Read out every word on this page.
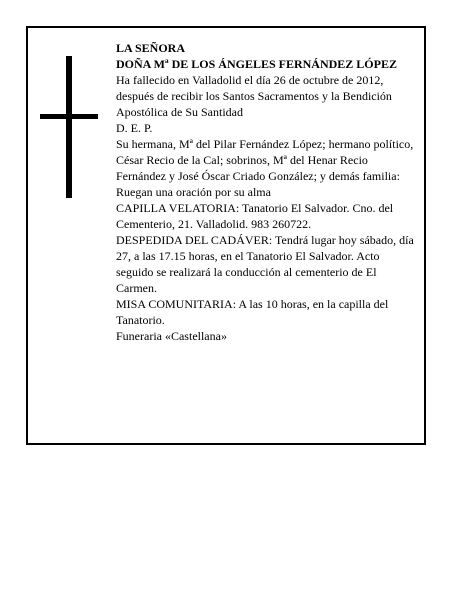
LA SEÑORA

DOÑA Mª DE LOS ÁNGELES FERNÁNDEZ LÓPEZ

Ha fallecido en Valladolid el día 26 de octubre de 2012, después de recibir los Santos Sacramentos y la Bendición Apostólica de Su Santidad

D. E. P.

Su hermana, Mª del Pilar Fernández López; hermano político, César Recio de la Cal; sobrinos, Mª del Henar Recio Fernández y José Óscar Criado González; y demás familia:

Ruegan una oración por su alma

CAPILLA VELATORIA: Tanatorio El Salvador. Cno. del Cementerio, 21. Valladolid. 983 260722.

DESPEDIDA DEL CADÁVER: Tendrá lugar hoy sábado, día 27, a las 17.15 horas, en el Tanatorio El Salvador. Acto seguido se realizará la conducción al cementerio de El Carmen.

MISA COMUNITARIA: A las 10 horas, en la capilla del Tanatorio.

Funeraria «Castellana»
